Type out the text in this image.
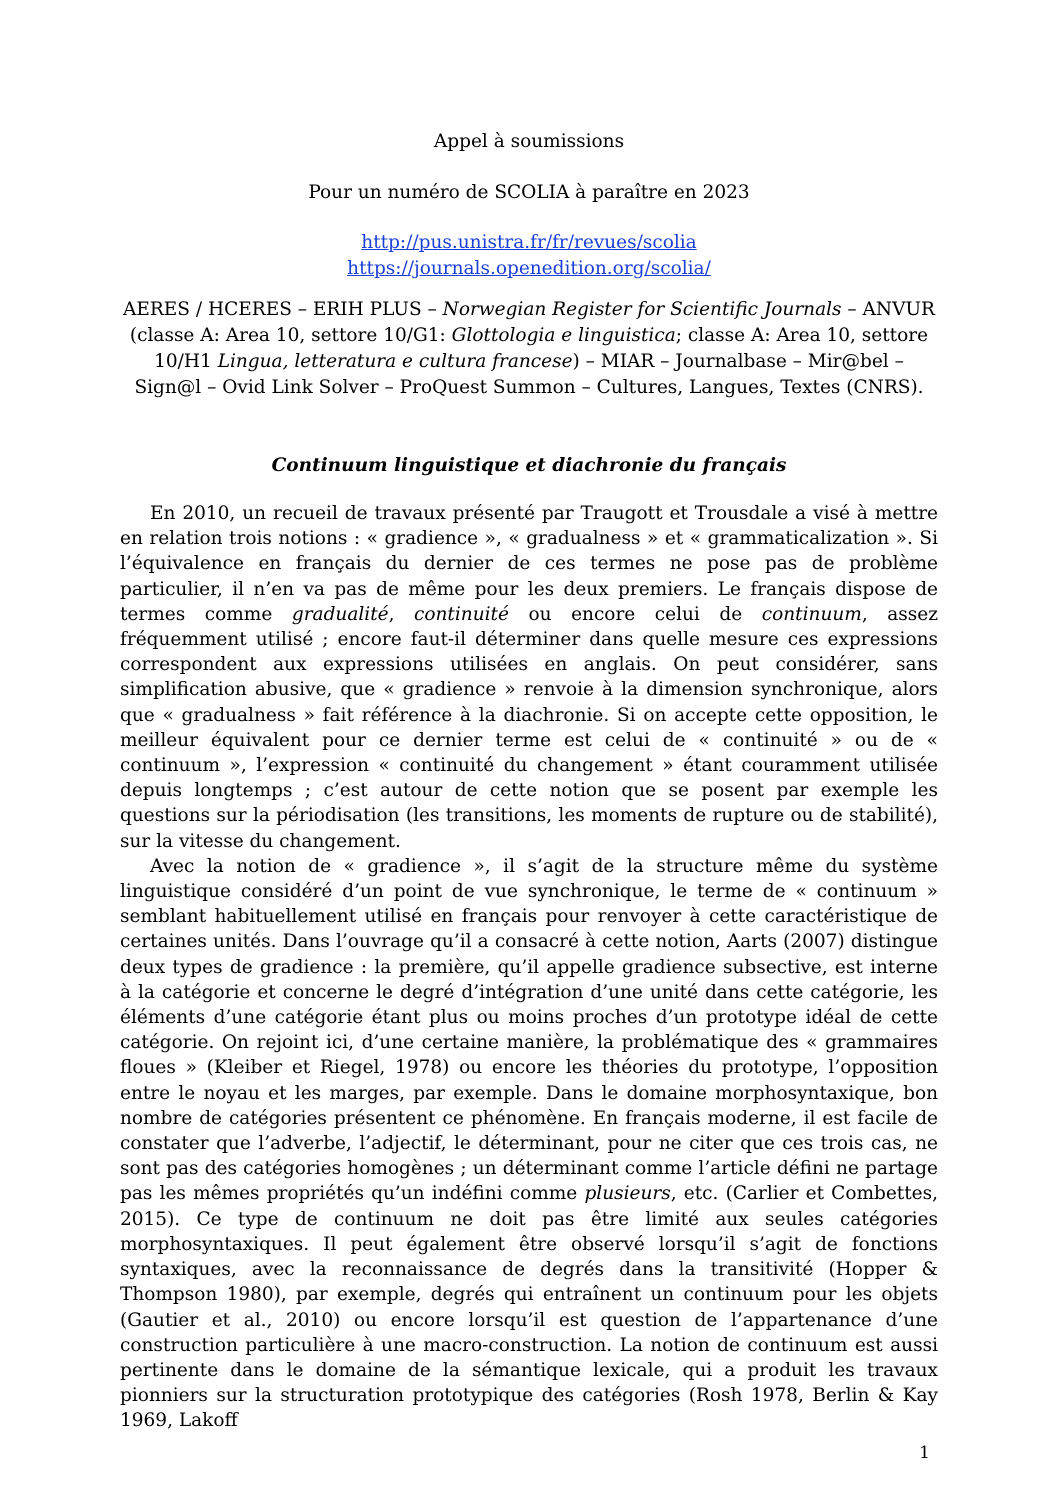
Appel à soumissions

Pour un numéro de SCOLIA à paraître en 2023

http://pus.unistra.fr/fr/revues/scolia
https://journals.openedition.org/scolia/

AERES / HCERES – ERIH PLUS – Norwegian Register for Scientific Journals – ANVUR (classe A: Area 10, settore 10/G1: Glottologia e linguistica; classe A: Area 10, settore 10/H1 Lingua, letteratura e cultura francese) – MIAR – Journalbase – Mir@bel – Sign@l – Ovid Link Solver – ProQuest Summon – Cultures, Langues, Textes (CNRS).

Continuum linguistique et diachronie du français

En 2010, un recueil de travaux présenté par Traugott et Trousdale a visé à mettre en relation trois notions : « gradience », « gradualness » et « grammaticalization ». Si l’équivalence en français du dernier de ces termes ne pose pas de problème particulier, il n’en va pas de même pour les deux premiers. Le français dispose de termes comme gradualité, continuité ou encore celui de continuum, assez fréquemment utilisé ; encore faut-il déterminer dans quelle mesure ces expressions correspondent aux expressions utilisées en anglais. On peut considérer, sans simplification abusive, que « gradience » renvoie à la dimension synchronique, alors que « gradualness » fait référence à la diachronie. Si on accepte cette opposition, le meilleur équivalent pour ce dernier terme est celui de « continuité » ou de « continuum », l’expression « continuité du changement » étant couramment utilisée depuis longtemps ; c’est autour de cette notion que se posent par exemple les questions sur la périodisation (les transitions, les moments de rupture ou de stabilité), sur la vitesse du changement.

Avec la notion de « gradience », il s’agit de la structure même du système linguistique considéré d’un point de vue synchronique, le terme de « continuum » semblant habituellement utilisé en français pour renvoyer à cette caractéristique de certaines unités. Dans l’ouvrage qu’il a consacré à cette notion, Aarts (2007) distingue deux types de gradience : la première, qu’il appelle gradience subsective, est interne à la catégorie et concerne le degré d’intégration d’une unité dans cette catégorie, les éléments d’une catégorie étant plus ou moins proches d’un prototype idéal de cette catégorie. On rejoint ici, d’une certaine manière, la problématique des « grammaires floues » (Kleiber et Riegel, 1978) ou encore les théories du prototype, l’opposition entre le noyau et les marges, par exemple. Dans le domaine morphosyntaxique, bon nombre de catégories présentent ce phénomène. En français moderne, il est facile de constater que l’adverbe, l’adjectif, le déterminant, pour ne citer que ces trois cas, ne sont pas des catégories homogènes ; un déterminant comme l’article défini ne partage pas les mêmes propriétés qu’un indéfini comme plusieurs, etc. (Carlier et Combettes, 2015). Ce type de continuum ne doit pas être limité aux seules catégories morphosyntaxiques. Il peut également être observé lorsqu’il s’agit de fonctions syntaxiques, avec la reconnaissance de degrés dans la transitivité (Hopper & Thompson 1980), par exemple, degrés qui entraînent un continuum pour les objets (Gautier et al., 2010) ou encore lorsqu’il est question de l’appartenance d’une construction particulière à une macro-construction. La notion de continuum est aussi pertinente dans le domaine de la sémantique lexicale, qui a produit les travaux pionniers sur la structuration prototypique des catégories (Rosh 1978, Berlin & Kay 1969, Lakoff

1
